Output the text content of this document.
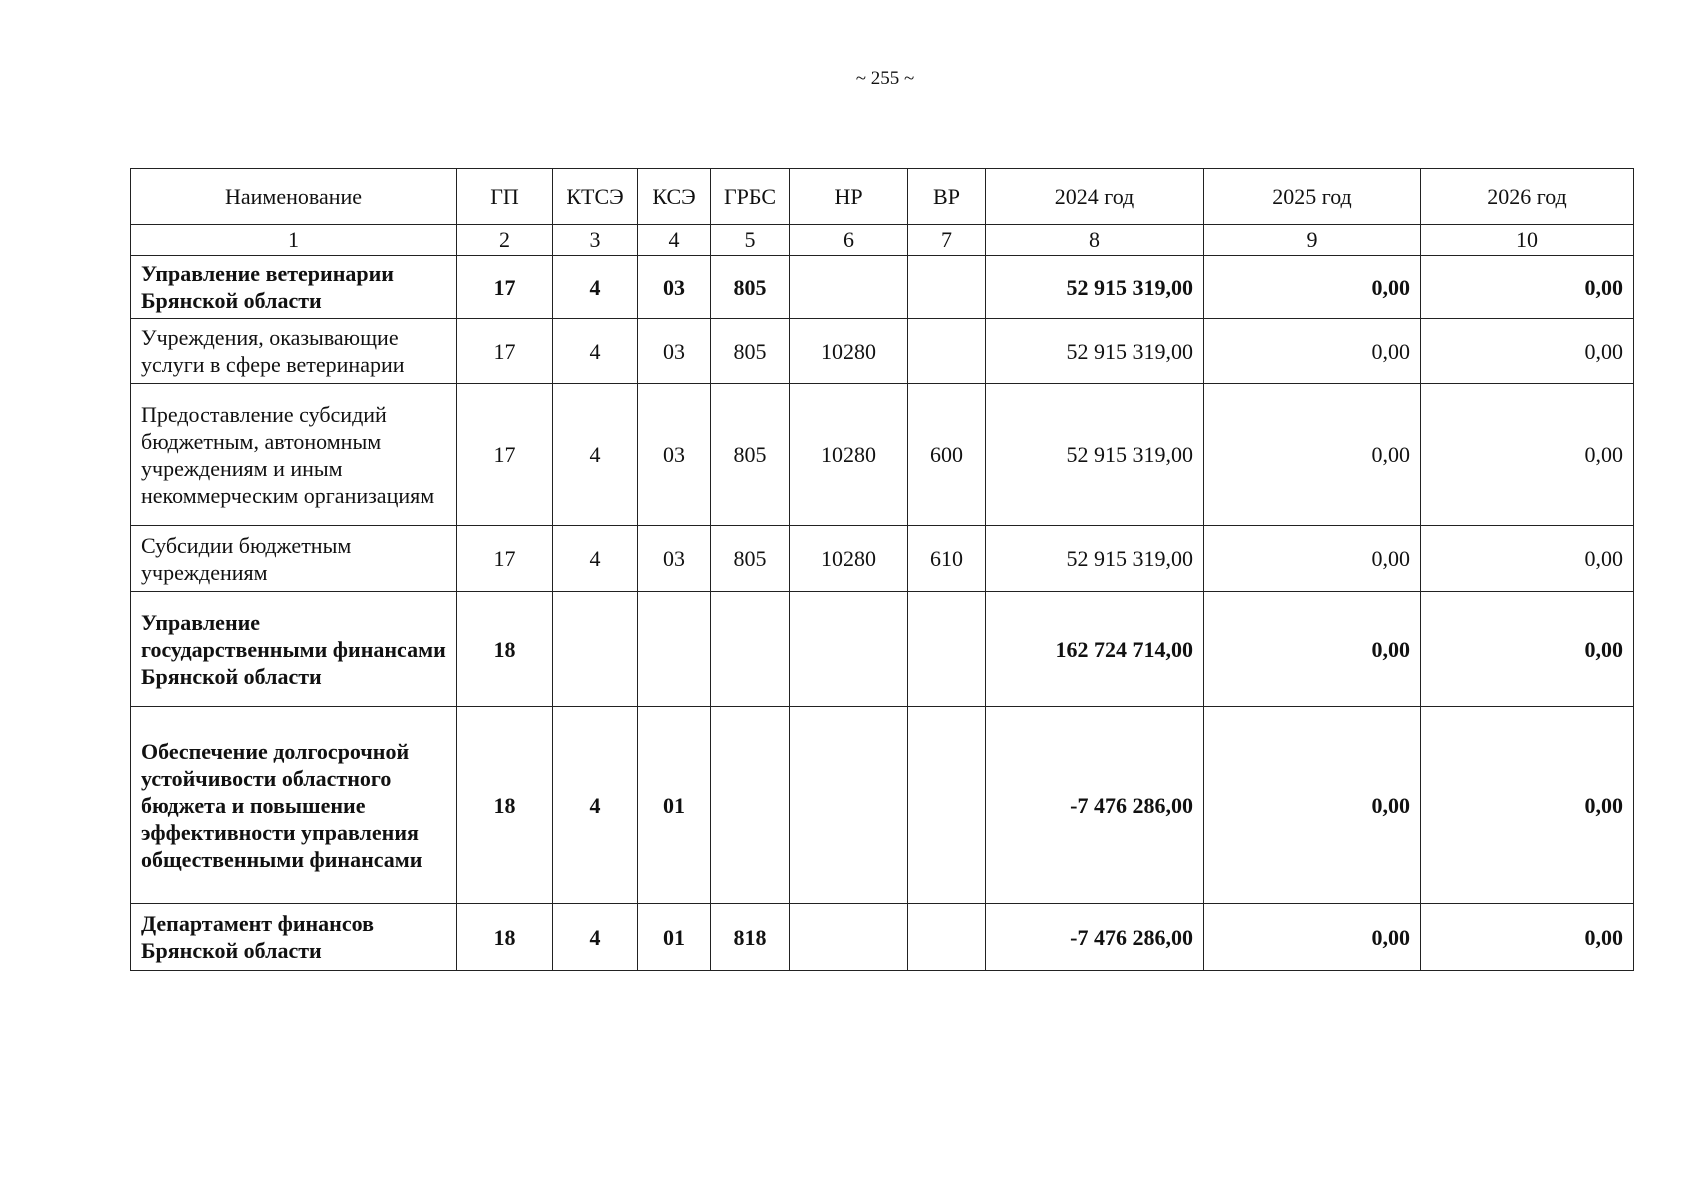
~ 255 ~
Наименование	ГП	КТСЭ	КСЭ	ГРБС	НР	ВР	2024 год	2025 год	2026 год
1	2	3	4	5	6	7	8	9	10
Управление ветеринарии Брянской области	17	4	03	805			52 915 319,00	0,00	0,00
Учреждения, оказывающие услуги в сфере ветеринарии	17	4	03	805	10280		52 915 319,00	0,00	0,00
Предоставление субсидий бюджетным, автономным учреждениям и иным некоммерческим организациям	17	4	03	805	10280	600	52 915 319,00	0,00	0,00
Субсидии бюджетным учреждениям	17	4	03	805	10280	610	52 915 319,00	0,00	0,00
Управление государственными финансами Брянской области	18						162 724 714,00	0,00	0,00
Обеспечение долгосрочной устойчивости областного бюджета и повышение эффективности управления общественными финансами	18	4	01				-7 476 286,00	0,00	0,00
Департамент финансов Брянской области	18	4	01	818			-7 476 286,00	0,00	0,00
